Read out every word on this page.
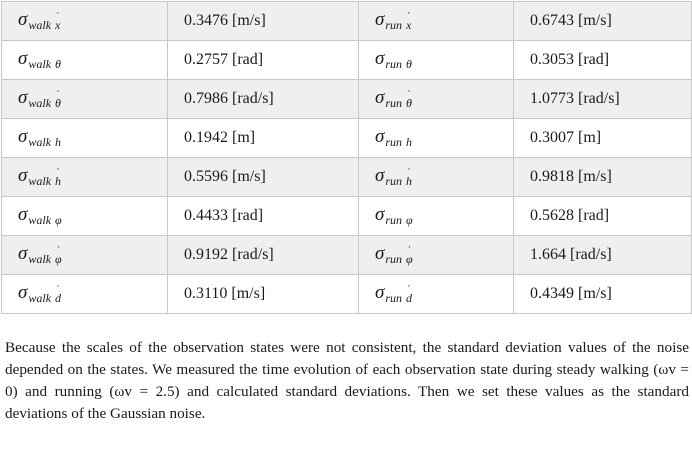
$\sigma_{walk ˙ x}$	0.3476 [m/s]	$\sigma_{run ˙ x}$	0.6743 [m/s]
$\sigma_{walk \theta}$	0.2757 [rad]	$\sigma_{run \theta}$	0.3053 [rad]
$\sigma_{walk ˙ \theta}$	0.7986 [rad/s]	$\sigma_{run ˙ \theta}$	1.0773 [rad/s]
$\sigma_{walk h}$	0.1942 [m]	$\sigma_{run h}$	0.3007 [m]
$\sigma_{walk ˙ h}$	0.5596 [m/s]	$\sigma_{run ˙ h}$	0.9818 [m/s]
$\sigma_{walk \varphi}$	0.4433 [rad]	$\sigma_{run \varphi}$	0.5628 [rad]
$\sigma_{walk ˙ \varphi}$	0.9192 [rad/s]	$\sigma_{run ˙ \varphi}$	1.664 [rad/s]
$\sigma_{walk ˙ d}$	0.3110 [m/s]	$\sigma_{run ˙ d}$	0.4349 [m/s]

Because the scales of the observation states were not consistent, the standard deviation values of the noise depended on the states. We measured the time evolution of each observation state during steady walking (ωv = 0) and running (ωv = 2.5) and calculated standard deviations. Then we set these values as the standard deviations of the Gaussian noise.
